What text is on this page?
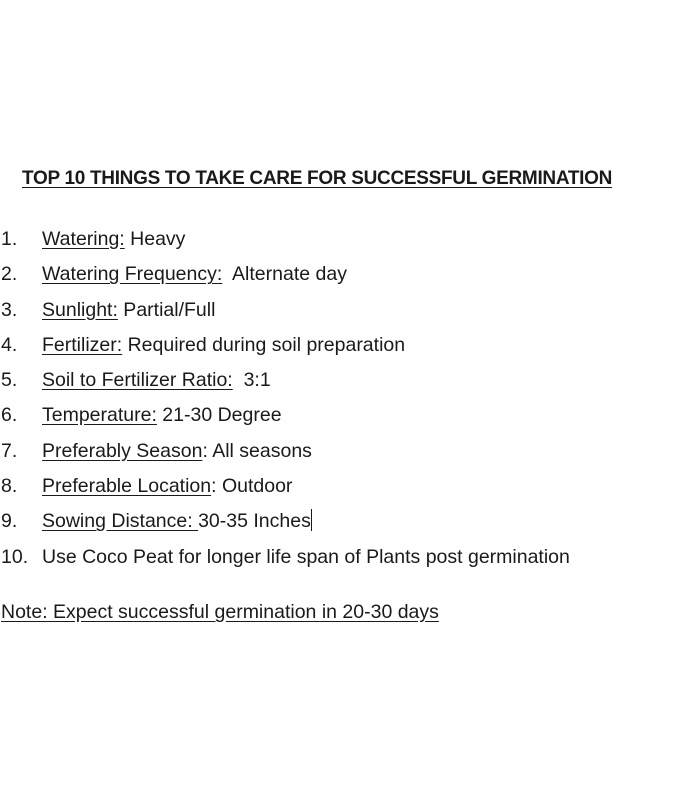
TOP 10 THINGS TO TAKE CARE FOR SUCCESSFUL GERMINATION
1. Watering: Heavy
2. Watering Frequency:  Alternate day
3. Sunlight: Partial/Full
4. Fertilizer: Required during soil preparation
5. Soil to Fertilizer Ratio:  3:1
6. Temperature: 21-30 Degree
7. Preferably Season: All seasons
8. Preferable Location: Outdoor
9. Sowing Distance: 30-35 Inches
10. Use Coco Peat for longer life span of Plants post germination
Note: Expect successful germination in 20-30 days
